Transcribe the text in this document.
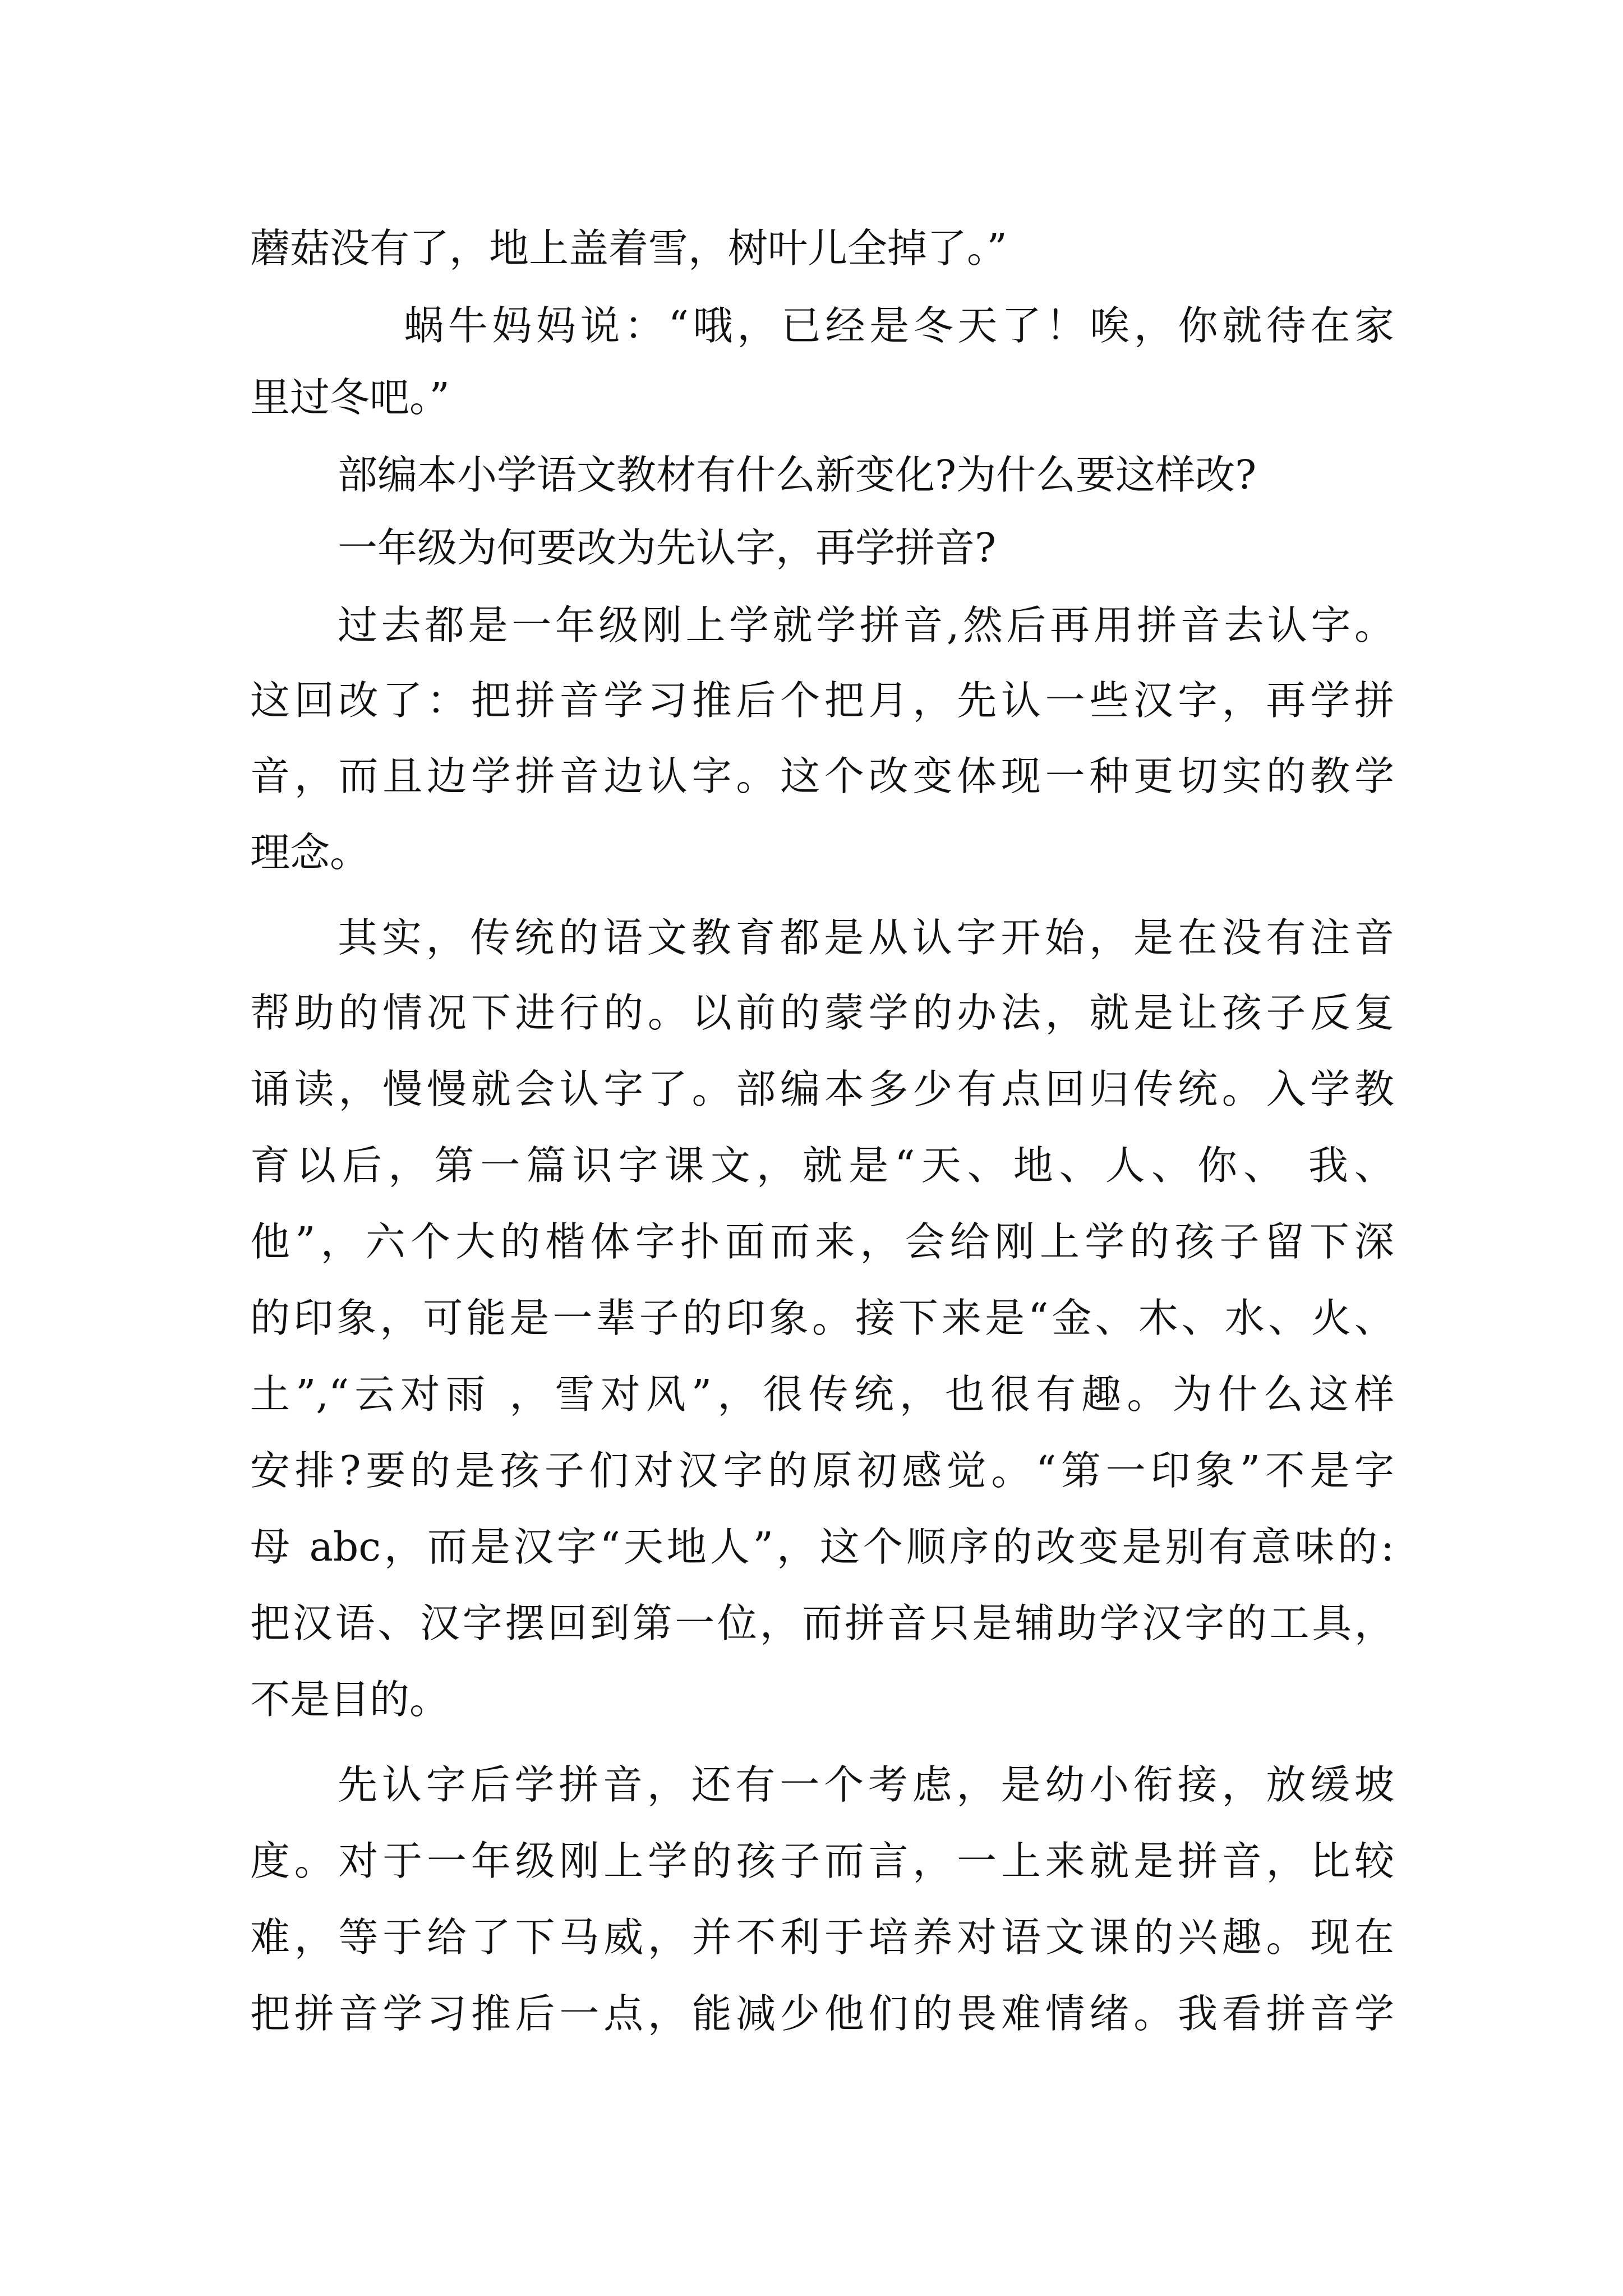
蘑菇没有了，地上盖着雪，树叶儿全掉了。”
蜗牛妈妈说：“哦，已经是冬天了！唉，你就待在家
里过冬吧。”
部编本小学语文教材有什么新变化?为什么要这样改?
一年级为何要改为先认字，再学拼音?
过去都是一年级刚上学就学拼音,然后再用拼音去认字。
这回改了：把拼音学习推后个把月，先认一些汉字，再学拼
音，而且边学拼音边认字。这个改变体现一种更切实的教学
理念。
其实，传统的语文教育都是从认字开始，是在没有注音
帮助的情况下进行的。以前的蒙学的办法，就是让孩子反复
诵读，慢慢就会认字了。部编本多少有点回归传统。入学教
育以后，第一篇识字课文，就是“天、地、人、你、 我、
他”，六个大的楷体字扑面而来，会给刚上学的孩子留下深
的印象，可能是一辈子的印象。接下来是“金、木、水、火、
土”,“云对雨 ，雪对风”，很传统，也很有趣。为什么这样
安排?要的是孩子们对汉字的原初感觉。“第一印象”不是字
母 abc，而是汉字“天地人”，这个顺序的改变是别有意味的:
把汉语、汉字摆回到第一位，而拼音只是辅助学汉字的工具，
不是目的。
先认字后学拼音，还有一个考虑，是幼小衔接，放缓坡
度。对于一年级刚上学的孩子而言，一上来就是拼音，比较
难，等于给了下马威，并不利于培养对语文课的兴趣。现在
把拼音学习推后一点，能减少他们的畏难情绪。我看拼音学
